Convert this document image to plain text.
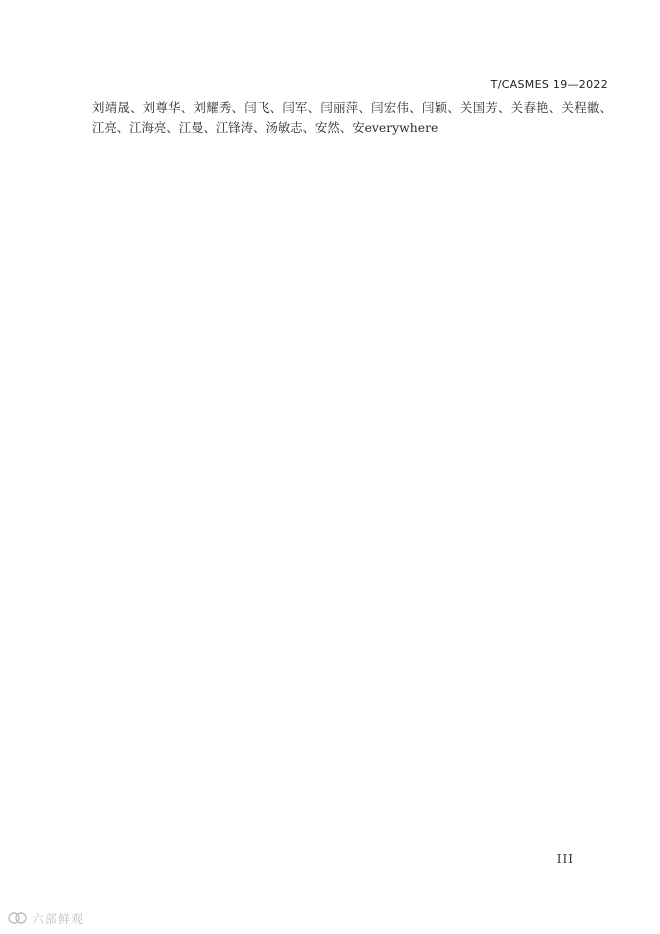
T/CASMES 19—2022
刘靖晟、刘尊华、刘耀秀、闫飞、闫军、闫丽萍、闫宏伟、闫颖、关国芳、关春艳、关程徽、江亮、江海亮、江曼、江锋涛、汤敏志、安然、安everywhere
III
六部鲜观
